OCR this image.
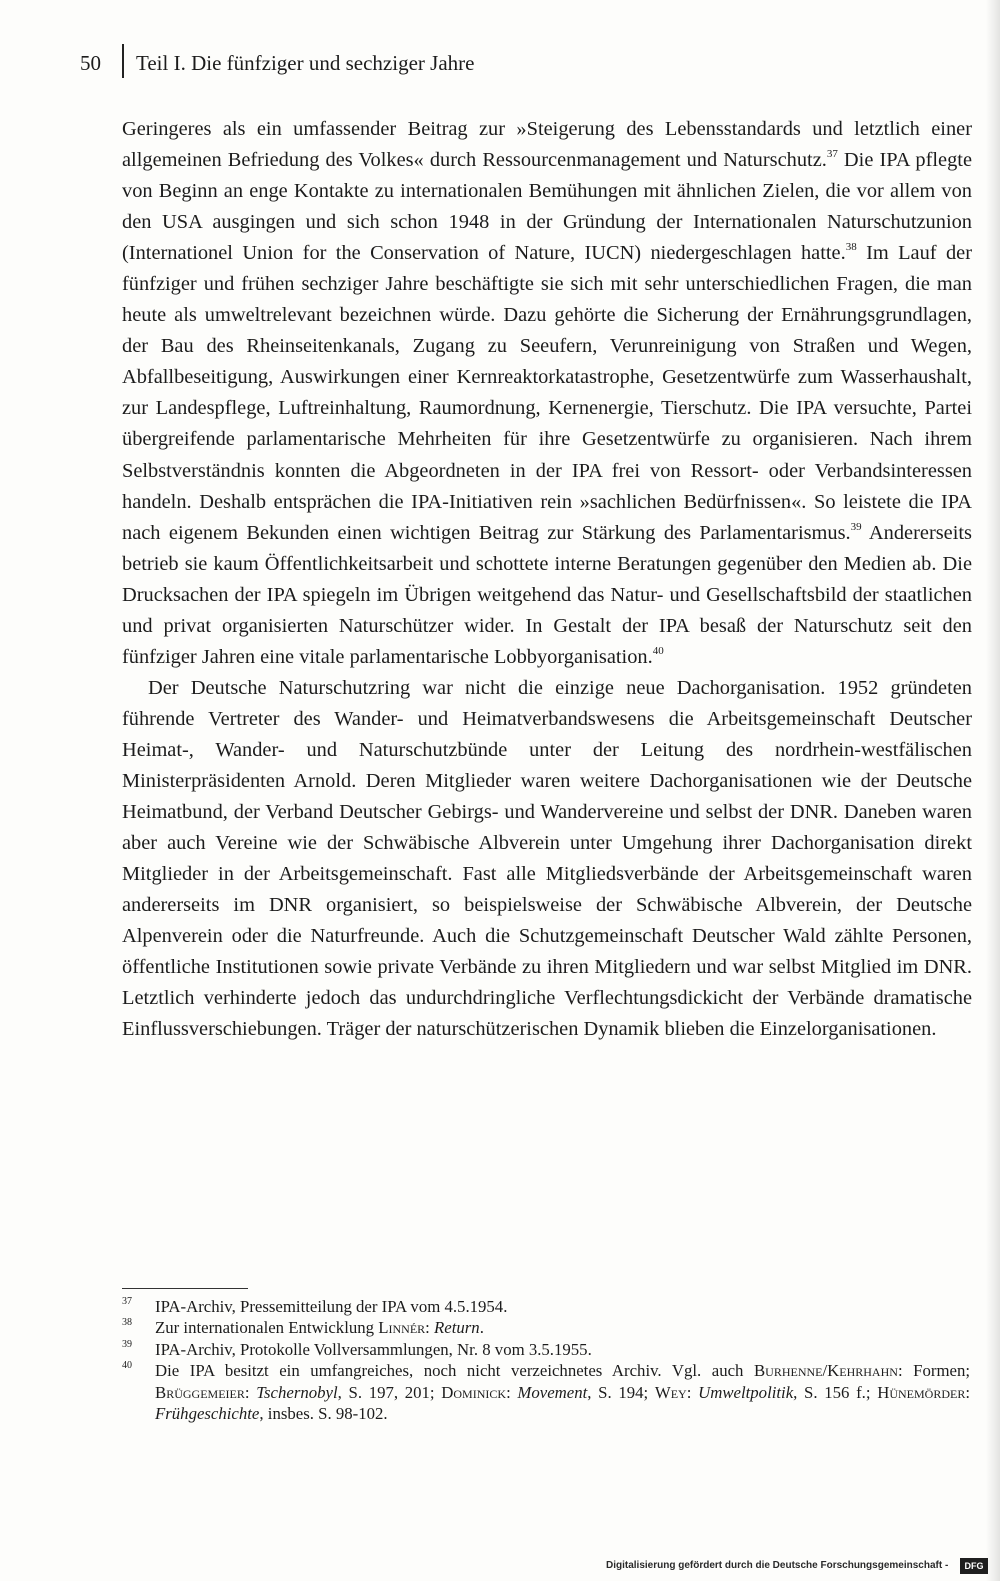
50 Teil I. Die fünfziger und sechziger Jahre

Geringeres als ein umfassender Beitrag zur »Steigerung des Lebensstandards und letztlich einer allgemeinen Befriedung des Volkes« durch Ressourcenmanagement und Naturschutz.$^{37}$ Die IPA pflegte von Beginn an enge Kontakte zu internationalen Bemühungen mit ähnlichen Zielen, die vor allem von den USA ausgingen und sich schon 1948 in der Gründung der Internationalen Naturschutzunion (Internationel Union for the Conservation of Nature, IUCN) niedergeschlagen hatte.$^{38}$ Im Lauf der fünfziger und frühen sechziger Jahre beschäftigte sie sich mit sehr unterschiedlichen Fragen, die man heute als umweltrelevant bezeichnen würde. Dazu gehörte die Sicherung der Ernährungsgrundlagen, der Bau des Rheinseitenkanals, Zugang zu Seeufern, Verunreinigung von Straßen und Wegen, Abfallbeseitigung, Auswirkungen einer Kernreaktorkatastrophe, Gesetzentwürfe zum Wasserhaushalt, zur Landespflege, Luftreinhaltung, Raumordnung, Kernenergie, Tierschutz. Die IPA versuchte, Partei übergreifende parlamentarische Mehrheiten für ihre Gesetzentwürfe zu organisieren. Nach ihrem Selbstverständnis konnten die Abgeordneten in der IPA frei von Ressort- oder Verbandsinteressen handeln. Deshalb entsprächen die IPA-Initiativen rein »sachlichen Bedürfnissen«. So leistete die IPA nach eigenem Bekunden einen wichtigen Beitrag zur Stärkung des Parlamentarismus.$^{39}$ Andererseits betrieb sie kaum Öffentlichkeitsarbeit und schottete interne Beratungen gegenüber den Medien ab. Die Drucksachen der IPA spiegeln im Übrigen weitgehend das Natur- und Gesellschaftsbild der staatlichen und privat organisierten Naturschützer wider. In Gestalt der IPA besaß der Naturschutz seit den fünfziger Jahren eine vitale parlamentarische Lobbyorganisation.$^{40}$

Der Deutsche Naturschutzring war nicht die einzige neue Dachorganisation. 1952 gründeten führende Vertreter des Wander- und Heimatverbandswesens die Arbeitsgemeinschaft Deutscher Heimat-, Wander- und Naturschutzbünde unter der Leitung des nordrhein-westfälischen Ministerpräsidenten Arnold. Deren Mitglieder waren weitere Dachorganisationen wie der Deutsche Heimatbund, der Verband Deutscher Gebirgs- und Wandervereine und selbst der DNR. Daneben waren aber auch Vereine wie der Schwäbische Albverein unter Umgehung ihrer Dachorganisation direkt Mitglieder in der Arbeitsgemeinschaft. Fast alle Mitgliedsverbände der Arbeitsgemeinschaft waren andererseits im DNR organisiert, so beispielsweise der Schwäbische Albverein, der Deutsche Alpenverein oder die Naturfreunde. Auch die Schutzgemeinschaft Deutscher Wald zählte Personen, öffentliche Institutionen sowie private Verbände zu ihren Mitgliedern und war selbst Mitglied im DNR. Letztlich verhinderte jedoch das undurchdringliche Verflechtungsdickicht der Verbände dramatische Einflussverschiebungen. Träger der naturschützerischen Dynamik blieben die Einzelorganisationen.

37 IPA-Archiv, Pressemitteilung der IPA vom 4.5.1954.
38 Zur internationalen Entwicklung Linnér: Return.
39 IPA-Archiv, Protokolle Vollversammlungen, Nr. 8 vom 3.5.1955.
40 Die IPA besitzt ein umfangreiches, noch nicht verzeichnetes Archiv. Vgl. auch Burhenne/Kehrhahn: Formen; Brüggemeier: Tschernobyl, S. 197, 201; Dominick: Movement, S. 194; Wey: Umweltpolitik, S. 156 f.; Hünemörder: Frühgeschichte, insbes. S. 98-102.
Digitalisierung gefördert durch die Deutsche Forschungsgemeinschaft -	DFG
